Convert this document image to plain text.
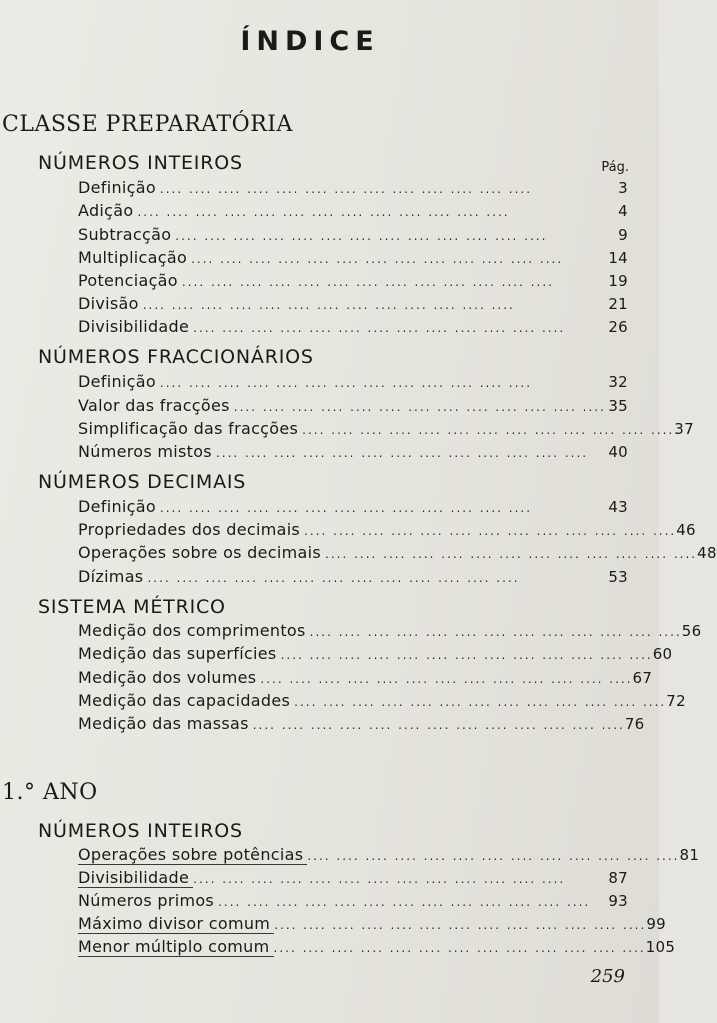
ÍNDICE
CLASSE PREPARATÓRIA
NÚMEROS INTEIROS	Pág.
Definição .... .... .... .... .... .... .... .... .... .... .... .... ....	3
Adição .... .... .... .... .... .... .... .... .... .... .... .... ....	4
Subtracção .... .... .... .... .... .... .... .... .... .... .... .... ....	9
Multiplicação .... .... .... .... .... .... .... .... .... .... .... .... ....	14
Potenciação .... .... .... .... .... .... .... .... .... .... .... .... ....	19
Divisão .... .... .... .... .... .... .... .... .... .... .... .... ....	21
Divisibilidade .... .... .... .... .... .... .... .... .... .... .... .... ....	26
NÚMEROS FRACCIONÁRIOS
Definição .... .... .... .... .... .... .... .... .... .... .... .... ....	32
Valor das fracções .... .... .... .... .... .... .... .... .... .... .... .... .... 35
Simplificação das fracções .... .... .... .... .... .... .... .... .... .... .... .... .... 37
Números mistos .... .... .... .... .... .... .... .... .... .... .... .... ....	40
NÚMEROS DECIMAIS
Definição .... .... .... .... .... .... .... .... .... .... .... .... ....	43
Propriedades dos decimais .... .... .... .... .... .... .... .... .... .... .... .... .... 46
Operações sobre os decimais .... .... .... .... .... .... .... .... .... .... .... .... .... 48
Dízimas .... .... .... .... .... .... .... .... .... .... .... .... ....	53
SISTEMA MÉTRICO
Medição dos comprimentos .... .... .... .... .... .... .... .... .... .... .... .... .... 56
Medição das superfícies .... .... .... .... .... .... .... .... .... .... .... .... .... 60
Medição dos volumes .... .... .... .... .... .... .... .... .... .... .... .... .... 67
Medição das capacidades .... .... .... .... .... .... .... .... .... .... .... .... .... 72
Medição das massas .... .... .... .... .... .... .... .... .... .... .... .... .... 76
1.° ANO
NÚMEROS INTEIROS
Operações sobre potências .... .... .... .... .... .... .... .... .... .... .... .... .... 81
Divisibilidade .... .... .... .... .... .... .... .... .... .... .... .... ....	87
Números primos .... .... .... .... .... .... .... .... .... .... .... .... ....	93
Máximo divisor comum .... .... .... .... .... .... .... .... .... .... .... .... .... 99
Menor múltiplo comum .... .... .... .... .... .... .... .... .... .... .... .... .... 105
259
